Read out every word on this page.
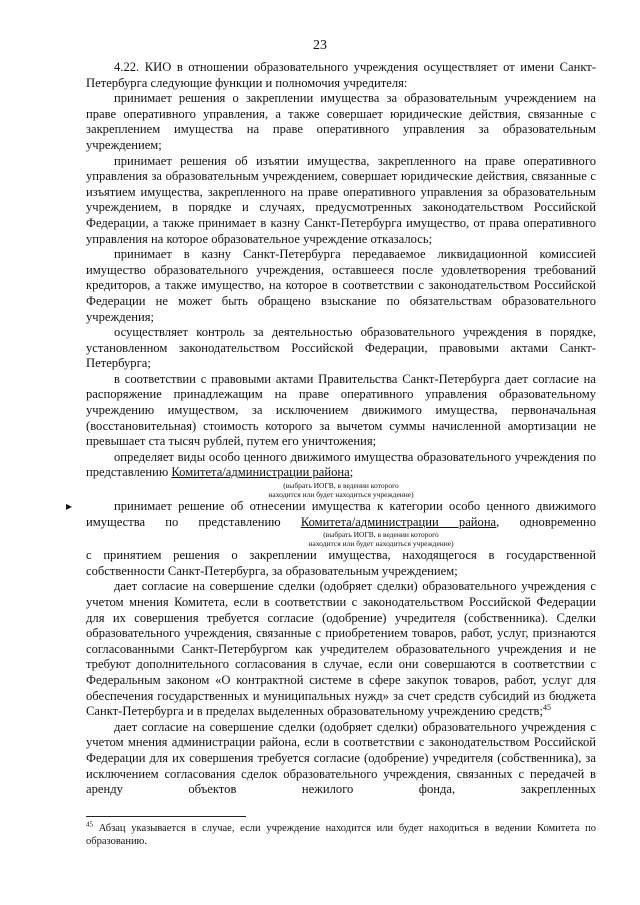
23

4.22. КИО в отношении образовательного учреждения осуществляет от имени Санкт-Петербурга следующие функции и полномочия учредителя:

принимает решения о закреплении имущества за образовательным учреждением на праве оперативного управления, а также совершает юридические действия, связанные с закреплением имущества на праве оперативного управления за образовательным учреждением;

принимает решения об изъятии имущества, закрепленного на праве оперативного управления за образовательным учреждением, совершает юридические действия, связанные с изъятием имущества, закрепленного на праве оперативного управления за образовательным учреждением, в порядке и случаях, предусмотренных законодательством Российской Федерации, а также принимает в казну Санкт-Петербурга имущество, от права оперативного управления на которое образовательное учреждение отказалось;

принимает в казну Санкт-Петербурга передаваемое ликвидационной комиссией имущество образовательного учреждения, оставшееся после удовлетворения требований кредиторов, а также имущество, на которое в соответствии с законодательством Российской Федерации не может быть обращено взыскание по обязательствам образовательного учреждения;

осуществляет контроль за деятельностью образовательного учреждения в порядке, установленном законодательством Российской Федерации, правовыми актами Санкт-Петербурга;

в соответствии с правовыми актами Правительства Санкт-Петербурга дает согласие на распоряжение принадлежащим на праве оперативного управления образовательному учреждению имуществом, за исключением движимого имущества, первоначальная (восстановительная) стоимость которого за вычетом суммы начисленной амортизации не превышает ста тысяч рублей, путем его уничтожения;

определяет виды особо ценного движимого имущества образовательного учреждения по представлению Комитета/администрации района;

(выбрать ИОГВ, в ведении которого

находится или будет находиться учреждение)

▸	принимает решение об отнесении имущества к категории особо ценного движимого имущества по представлению Комитета/администрации района, одновременно

(выбрать ИОГВ, в ведении которого

находится или будет находиться учреждение)

с принятием решения о закреплении имущества, находящегося в государственной собственности Санкт-Петербурга, за образовательным учреждением;

дает согласие на совершение сделки (одобряет сделки) образовательного учреждения с учетом мнения Комитета, если в соответствии с законодательством Российской Федерации для их совершения требуется согласие (одобрение) учредителя (собственника). Сделки образовательного учреждения, связанные с приобретением товаров, работ, услуг, признаются согласованными Санкт-Петербургом как учредителем образовательного учреждения и не требуют дополнительного согласования в случае, если они совершаются в соответствии с Федеральным законом «О контрактной системе в сфере закупок товаров, работ, услуг для обеспечения государственных и муниципальных нужд» за счет средств субсидий из бюджета Санкт-Петербурга и в пределах выделенных образовательному учреждению средств;$^{45}$

дает согласие на совершение сделки (одобряет сделки) образовательного учреждения с учетом мнения администрации района, если в соответствии с законодательством Российской Федерации для их совершения требуется согласие (одобрение) учредителя (собственника), за исключением согласования сделок образовательного учреждения, связанных с передачей в аренду объектов нежилого фонда, закрепленных

$^{45}$ Абзац указывается в случае, если учреждение находится или будет находиться в ведении Комитета по образованию.
